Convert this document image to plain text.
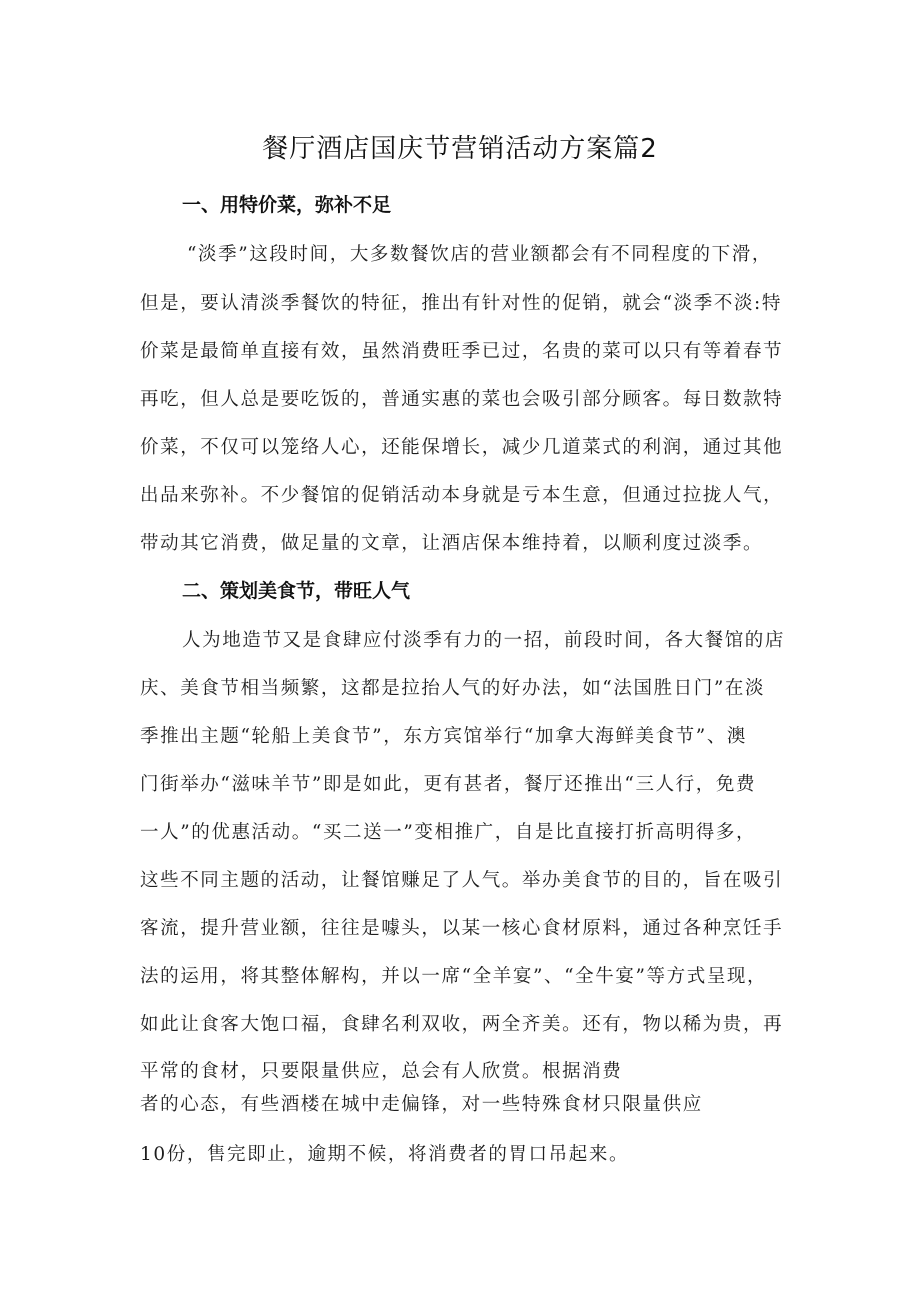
餐厅酒店国庆节营销活动方案篇2
一、用特价菜，弥补不足
“淡季”这段时间，大多数餐饮店的营业额都会有不同程度的下滑，
但是，要认清淡季餐饮的特征，推出有针对性的促销，就会“淡季不淡:特
价菜是最简单直接有效，虽然消费旺季已过，名贵的菜可以只有等着春节
再吃，但人总是要吃饭的，普通实惠的菜也会吸引部分顾客。每日数款特
价菜，不仅可以笼络人心，还能保增长，减少几道菜式的利润，通过其他
出品来弥补。不少餐馆的促销活动本身就是亏本生意，但通过拉拢人气，
带动其它消费，做足量的文章，让酒店保本维持着，以顺利度过淡季。
二、策划美食节，带旺人气
人为地造节又是食肆应付淡季有力的一招，前段时间，各大餐馆的店
庆、美食节相当频繁，这都是拉抬人气的好办法，如“法国胜日门”在淡
季推出主题“轮船上美食节”，东方宾馆举行“加拿大海鲜美食节”、澳
门街举办“滋味羊节”即是如此，更有甚者，餐厅还推出“三人行，免费
一人”的优惠活动。“买二送一”变相推广，自是比直接打折高明得多，
这些不同主题的活动，让餐馆赚足了人气。举办美食节的目的，旨在吸引
客流，提升营业额，往往是噱头，以某一核心食材原料，通过各种烹饪手
法的运用，将其整体解构，并以一席“全羊宴”、“全牛宴”等方式呈现，
如此让食客大饱口福，食肆名利双收，两全齐美。还有，物以稀为贵，再
平常的食材，只要限量供应，总会有人欣赏。根据消费
者的心态，有些酒楼在城中走偏锋，对一些特殊食材只限量供应
10份，售完即止，逾期不候，将消费者的胃口吊起来。
